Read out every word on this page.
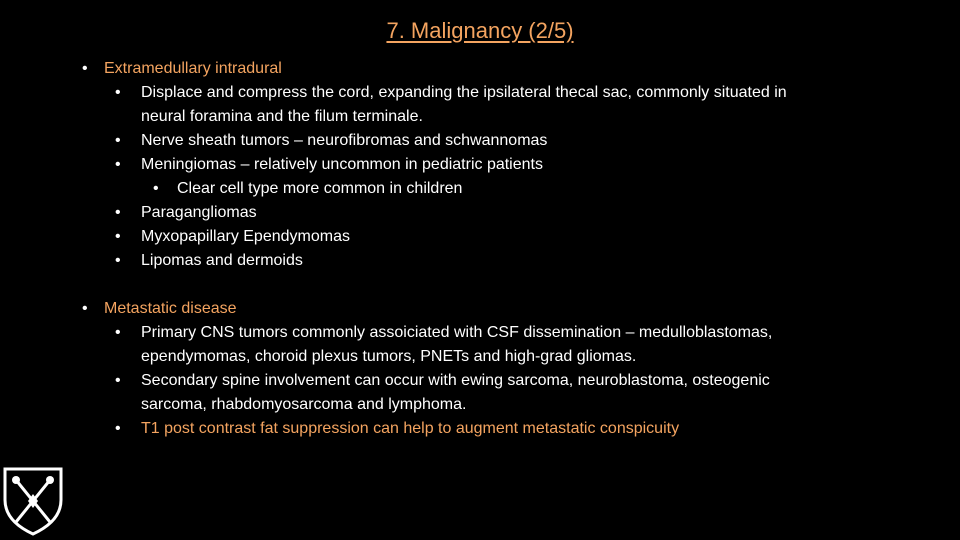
7. Malignancy (2/5)
• Extramedullary intradural
• Displace and compress the cord, expanding the ipsilateral thecal sac, commonly situated in
neural foramina and the filum terminale.
• Nerve sheath tumors – neurofibromas and schwannomas
• Meningiomas – relatively uncommon in pediatric patients
• Clear cell type more common in children
• Paragangliomas
• Myxopapillary Ependymomas
• Lipomas and dermoids
• Metastatic disease
• Primary CNS tumors commonly assoiciated with CSF dissemination – medulloblastomas,
ependymomas, choroid plexus tumors, PNETs and high-grad gliomas.
• Secondary spine involvement can occur with ewing sarcoma, neuroblastoma, osteogenic
sarcoma, rhabdomyosarcoma and lymphoma.
• T1 post contrast fat suppression can help to augment metastatic conspicuity
